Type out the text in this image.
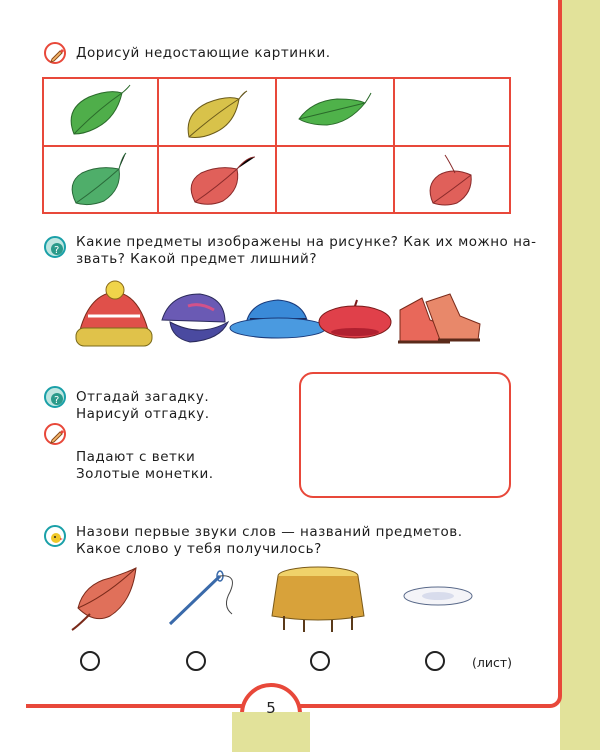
Дорисуй недостающие картинки.
?
Какие предметы изображены на рисунке? Как их можно на-
звать? Какой предмет лишний?
? Отгадай загадку.
Нарисуй отгадку.
Падают с ветки
Золотые монетки.
Назови первые звуки слов — названий предметов.
Какое слово у тебя получилось?
(лист)
5
